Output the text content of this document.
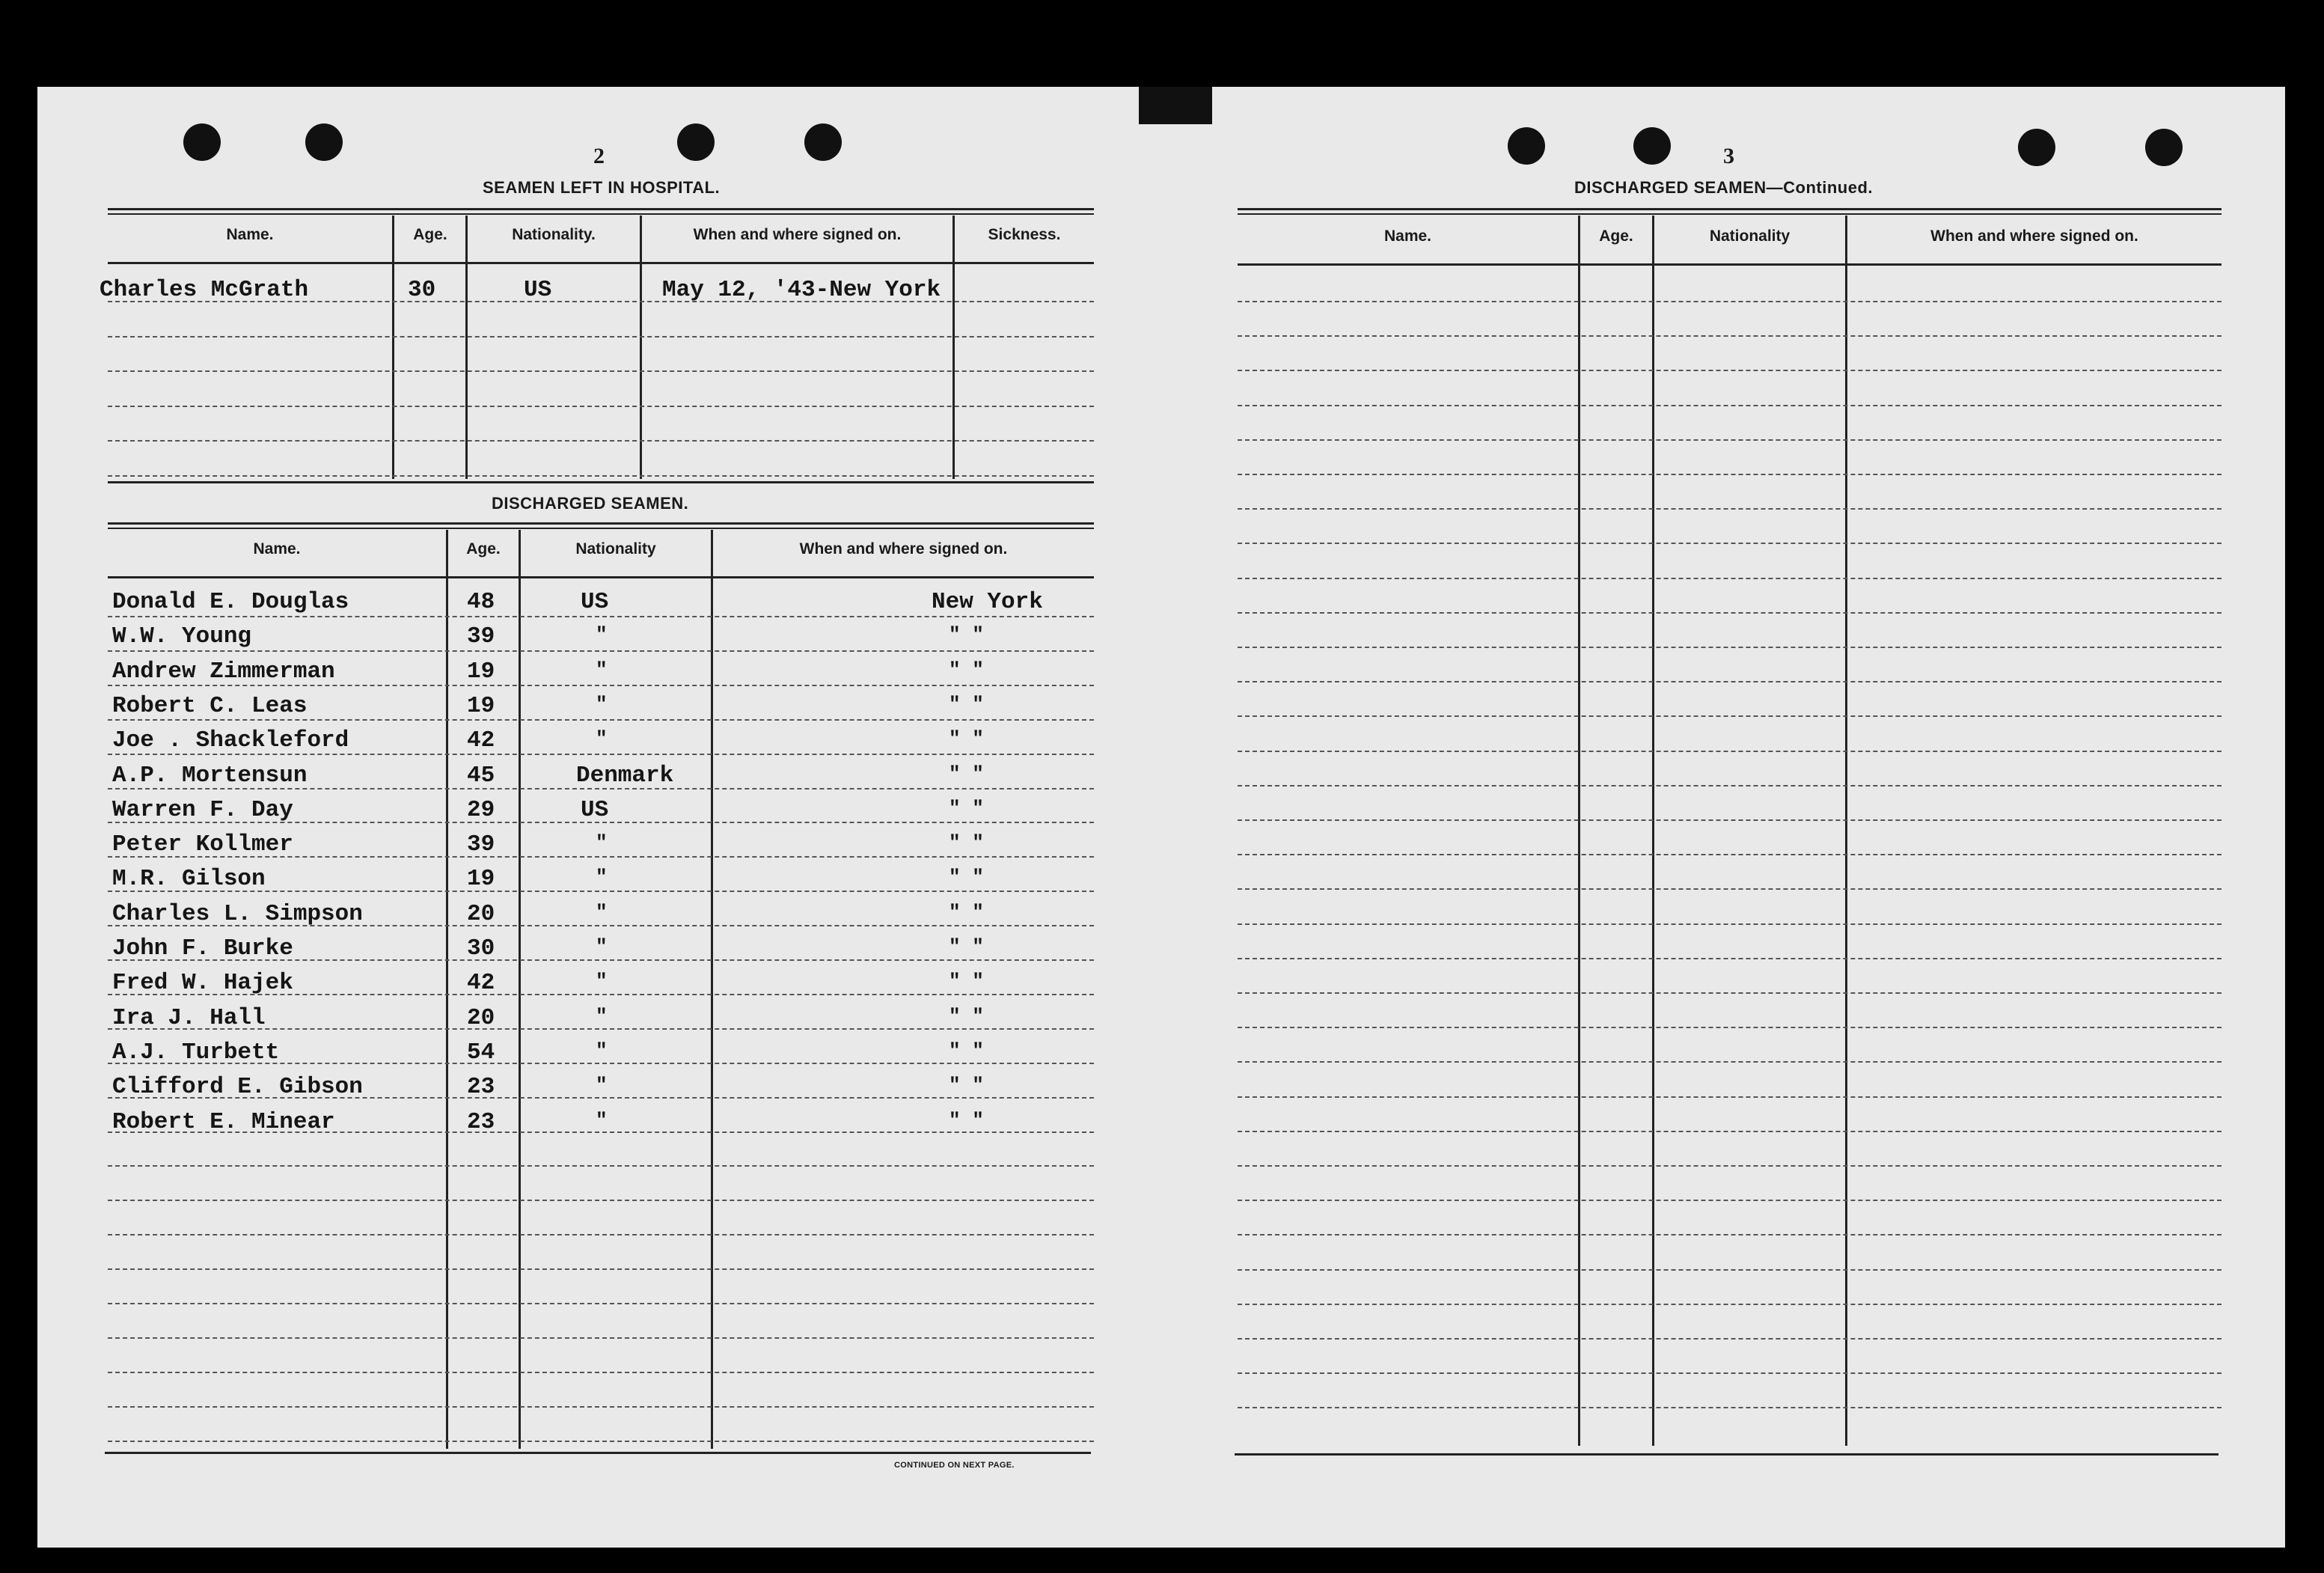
2
SEAMEN LEFT IN HOSPITAL.
Name.	Age.	Nationality.	When and where signed on.	Sickness.
Charles McGrath	30	US	May 12, '43-New York
DISCHARGED SEAMEN.
Name.	Age.	Nationality	When and where signed on.
Donald E. Douglas	48	US	New York
W.W. Young	39	"	" "
Andrew Zimmerman	19	"	" "
Robert C. Leas	19	"	" "
Joe . Shackleford	42	"	" "
A.P. Mortensun	45	Denmark	" "
Warren F. Day	29	US	" "
Peter Kollmer	39	"	" "
M.R. Gilson	19	"	" "
Charles L. Simpson	20	"	" "
John F. Burke	30	"	" "
Fred W. Hajek	42	"	" "
Ira J. Hall	20	"	" "
A.J. Turbett	54	"	" "
Clifford E. Gibson	23	"	" "
Robert E. Minear	23	"	" "
CONTINUED ON NEXT PAGE.
3
DISCHARGED SEAMEN—Continued.
Name.	Age.	Nationality	When and where signed on.
